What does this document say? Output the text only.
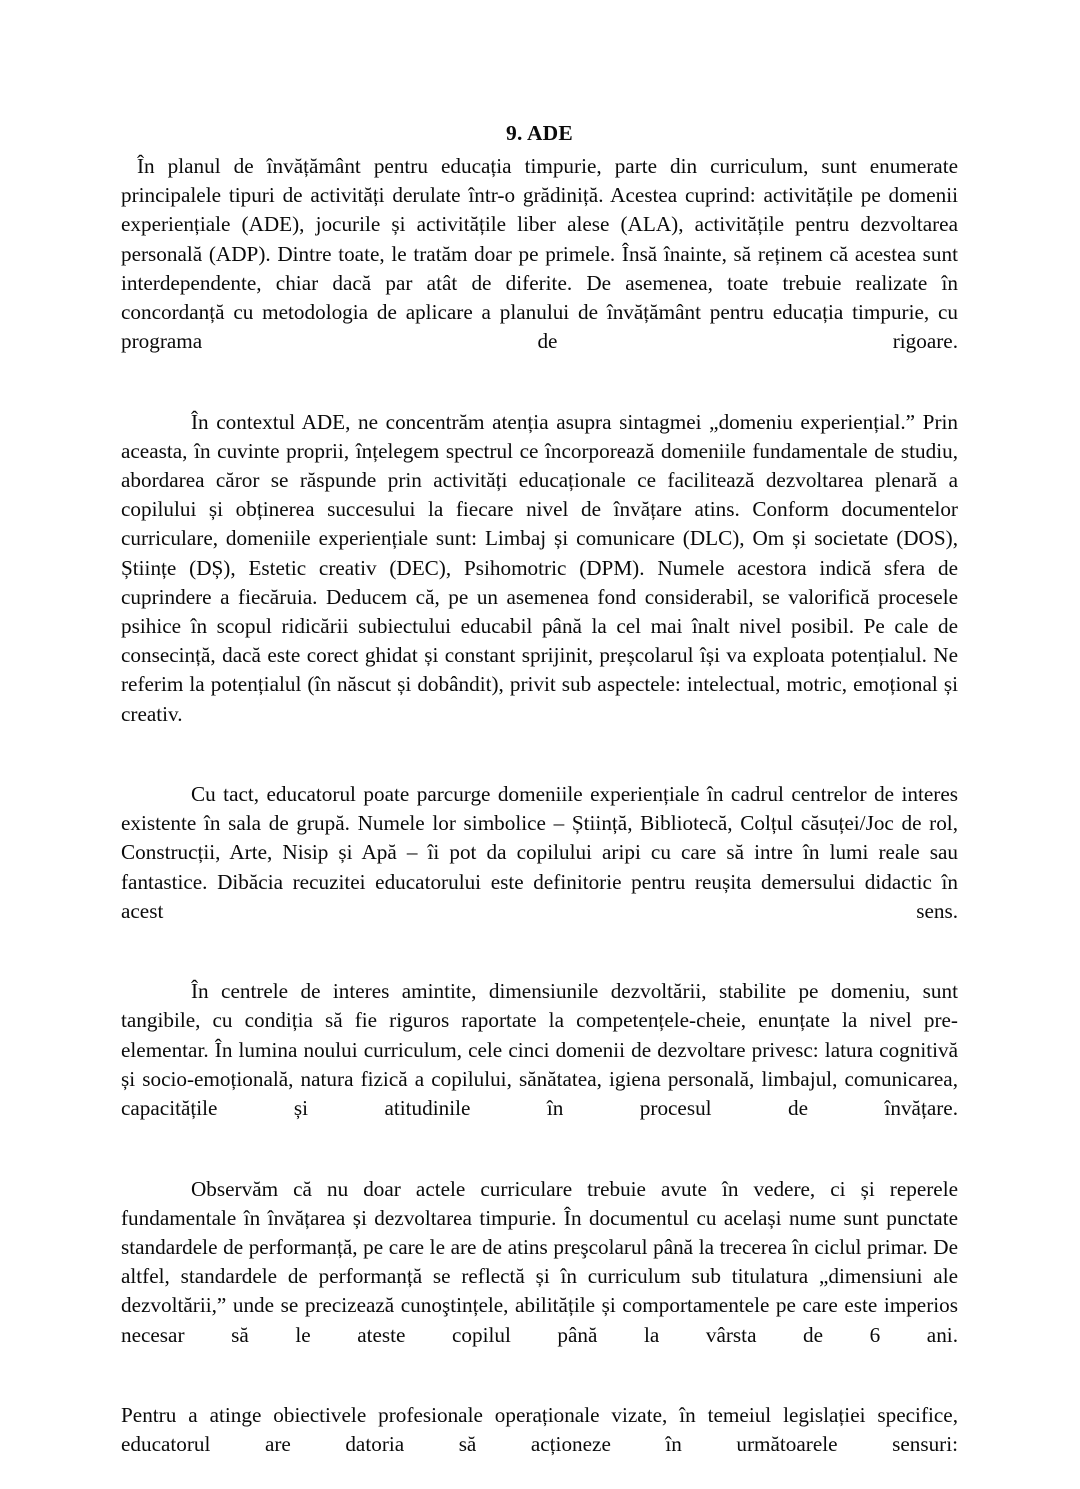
9. ADE

În planul de învățământ pentru educația timpurie, parte din curriculum, sunt enumerate principalele tipuri de activități derulate într-o grădiniță. Acestea cuprind: activitățile pe domenii experiențiale (ADE), jocurile și activitățile liber alese (ALA), activitățile pentru dezvoltarea personală (ADP). Dintre toate, le tratăm doar pe primele. Însă înainte, să reținem că acestea sunt interdependente, chiar dacă par atât de diferite. De asemenea, toate trebuie realizate în concordanță cu metodologia de aplicare a planului de învățământ pentru educația timpurie, cu programa de rigoare.

În contextul ADE, ne concentrăm atenția asupra sintagmei „domeniu experiențial.” Prin aceasta, în cuvinte proprii, înțelegem spectrul ce încorporează domeniile fundamentale de studiu, abordarea căror se răspunde prin activități educaționale ce facilitează dezvoltarea plenară a copilului și obținerea succesului la fiecare nivel de învățare atins. Conform documentelor curriculare, domeniile experiențiale sunt: Limbaj și comunicare (DLC), Om și societate (DOS), Științe (DȘ), Estetic creativ (DEC), Psihomotric (DPM). Numele acestora indică sfera de cuprindere a fiecăruia. Deducem că, pe un asemenea fond considerabil, se valorifică procesele psihice în scopul ridicării subiectului educabil până la cel mai înalt nivel posibil. Pe cale de consecință, dacă este corect ghidat și constant sprijinit, preșcolarul își va exploata potențialul. Ne referim la potențialul (în născut și dobândit), privit sub aspectele: intelectual, motric, emoțional și creativ.

Cu tact, educatorul poate parcurge domeniile experiențiale în cadrul centrelor de interes existente în sala de grupă. Numele lor simbolice – Știință, Bibliotecă, Colțul căsuței/Joc de rol, Construcții, Arte, Nisip și Apă – îi pot da copilului aripi cu care să intre în lumi reale sau fantastice. Dibăcia recuzitei educatorului este definitorie pentru reușita demersului didactic în acest sens.

În centrele de interes amintite, dimensiunile dezvoltării, stabilite pe domeniu, sunt tangibile, cu condiția să fie riguros raportate la competențele-cheie, enunțate la nivel pre-elementar. În lumina noului curriculum, cele cinci domenii de dezvoltare privesc: latura cognitivă și socio-emoțională, natura fizică a copilului, sănătatea, igiena personală, limbajul, comunicarea, capacitățile și atitudinile în procesul de învățare.

Observăm că nu doar actele curriculare trebuie avute în vedere, ci și reperele fundamentale în învățarea și dezvoltarea timpurie. În documentul cu același nume sunt punctate standardele de performanță, pe care le are de atins preşcolarul până la trecerea în ciclul primar. De altfel, standardele de performanță se reflectă și în curriculum sub titulatura „dimensiuni ale dezvoltării,” unde se precizează cunoştințele, abilitățile și comportamentele pe care este imperios necesar să le ateste copilul până la vârsta de 6 ani.

Pentru a atinge obiectivele profesionale operaționale vizate, în temeiul legislației specifice, educatorul are datoria să acționeze în următoarele sensuri:
